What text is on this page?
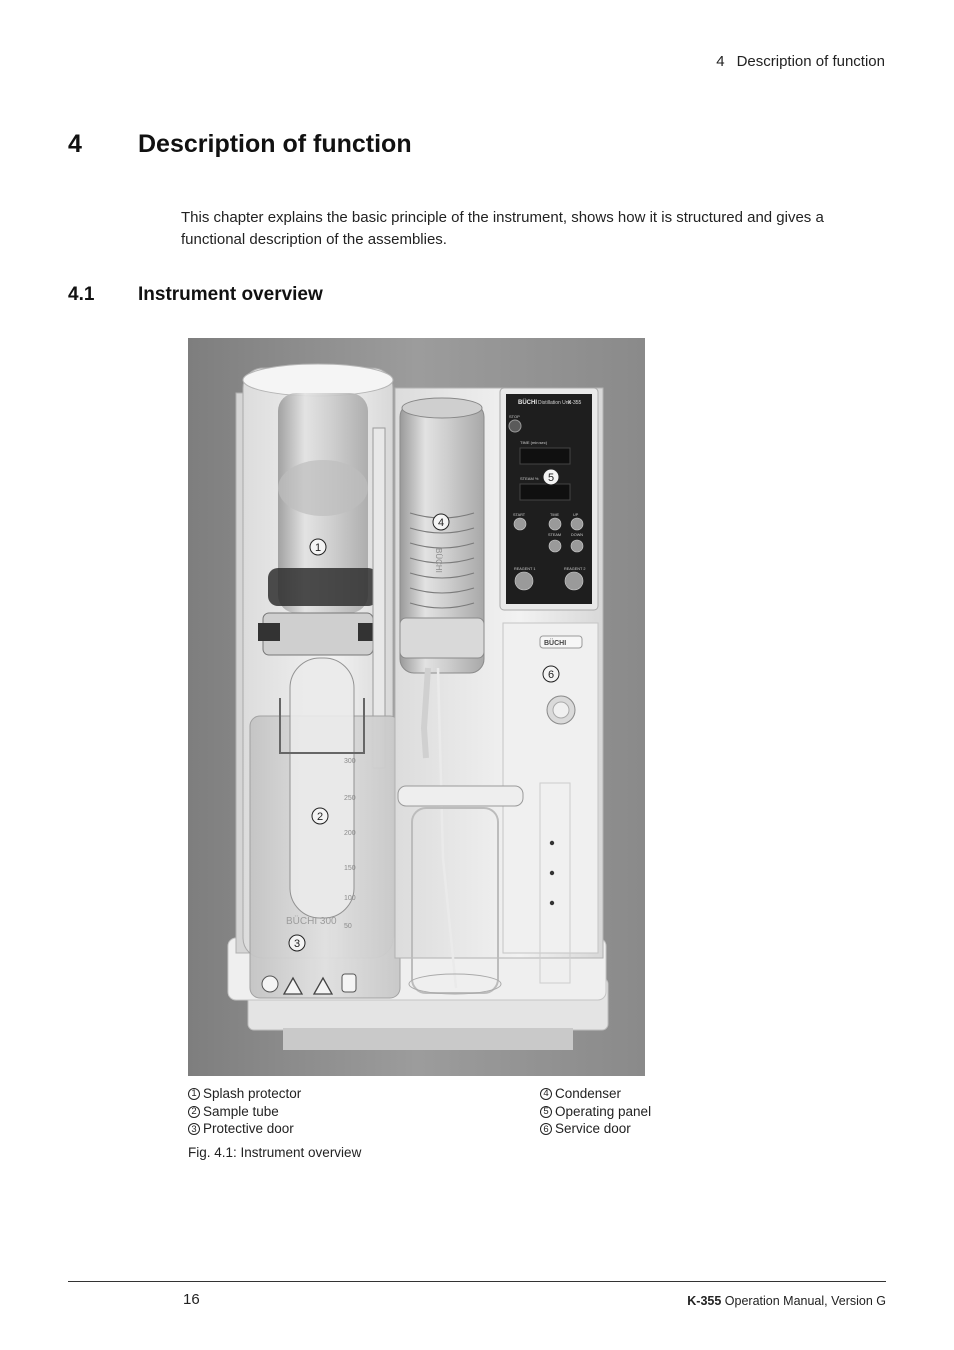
4 Description of function
4 Description of function
This chapter explains the basic principle of the instrument, shows how it is structured and gives a functional description of the assemblies.
4.1 Instrument overview
300
250
200
150
100
50
BÜCHI 300
BÜCHI
BÜCHI Distillation Unit
K-355
STOP
TIME (min:sec)
STEAM %
START	TIME	UP
STEAM	DOWN
REAGENT 1	REAGENT 2
BÜCHI
1
2
3
4
5
6
1 Splash protector
2 Sample tube
3 Protective door
4 Condenser
5 Operating panel
6 Service door
Fig. 4.1: Instrument overview
16	K-355 Operation Manual, Version G
